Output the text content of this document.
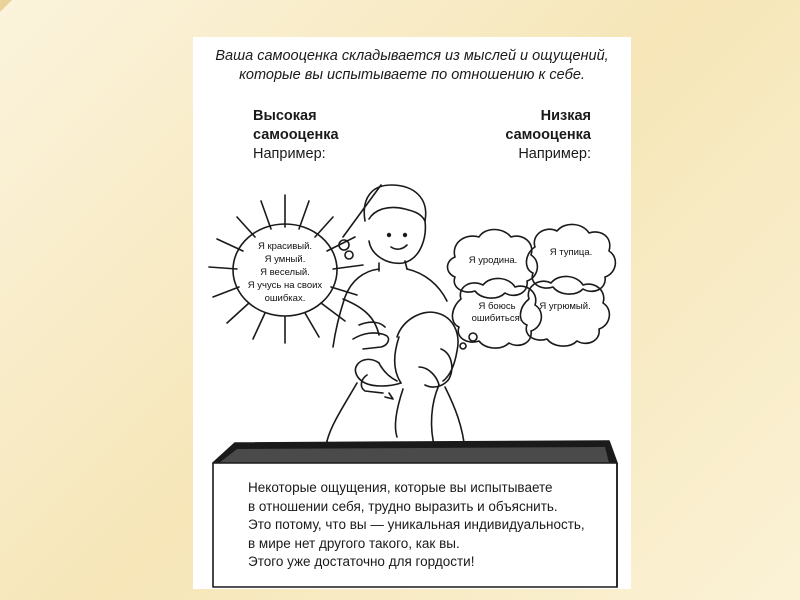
Ваша самооценка складывается из мыслей и ощущений,
которые вы испытываете по отношению к себе.
Высокая
самооценка
Например:
Низкая
самооценка
Например:
Я красивый.
Я умный.
Я веселый.
Я учусь на своих
ошибках.
Я уродина.
Я тупица.
Я боюсь
ошибиться.
Я угрюмый.
Некоторые ощущения, которые вы испытываете
в отношении себя, трудно выразить и объяснить.
Это потому, что вы — уникальная индивидуальность,
в мире нет другого такого, как вы.
Этого уже достаточно для гордости!
